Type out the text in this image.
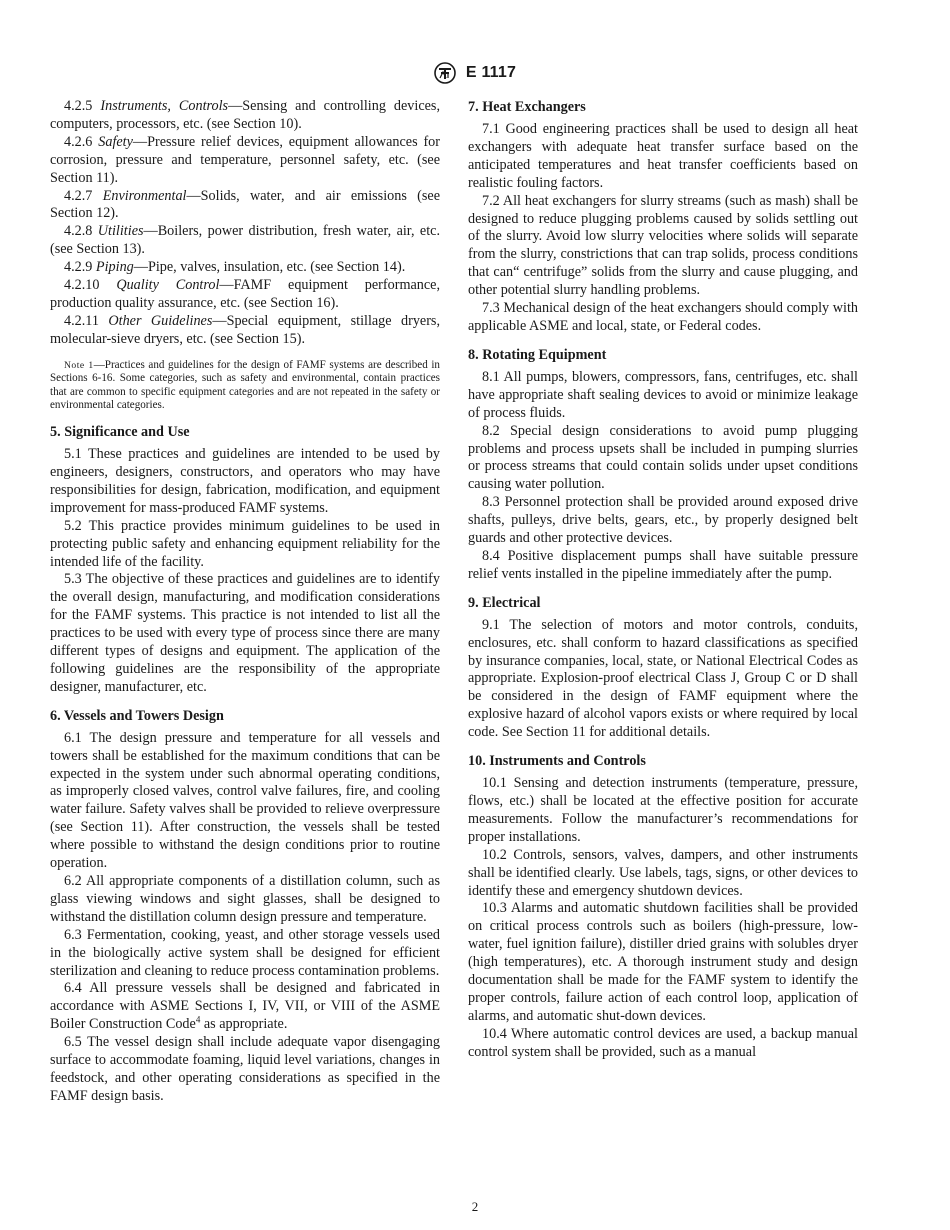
E 1117

4.2.5 Instruments, Controls—Sensing and controlling devices, computers, processors, etc. (see Section 10).

4.2.6 Safety—Pressure relief devices, equipment allowances for corrosion, pressure and temperature, personnel safety, etc. (see Section 11).

4.2.7 Environmental—Solids, water, and air emissions (see Section 12).

4.2.8 Utilities—Boilers, power distribution, fresh water, air, etc. (see Section 13).

4.2.9 Piping—Pipe, valves, insulation, etc. (see Section 14).

4.2.10 Quality Control—FAMF equipment performance, production quality assurance, etc. (see Section 16).

4.2.11 Other Guidelines—Special equipment, stillage dryers, molecular-sieve dryers, etc. (see Section 15).

Note 1—Practices and guidelines for the design of FAMF systems are described in Sections 6-16. Some categories, such as safety and environmental, contain practices that are common to specific equipment categories and are not repeated in the safety or environmental categories.

5. Significance and Use

5.1 These practices and guidelines are intended to be used by engineers, designers, constructors, and operators who may have responsibilities for design, fabrication, modification, and equipment improvement for mass-produced FAMF systems.

5.2 This practice provides minimum guidelines to be used in protecting public safety and enhancing equipment reliability for the intended life of the facility.

5.3 The objective of these practices and guidelines are to identify the overall design, manufacturing, and modification considerations for the FAMF systems. This practice is not intended to list all the practices to be used with every type of process since there are many different types of designs and equipment. The application of the following guidelines are the responsibility of the appropriate designer, manufacturer, etc.

6. Vessels and Towers Design

6.1 The design pressure and temperature for all vessels and towers shall be established for the maximum conditions that can be expected in the system under such abnormal operating conditions, as improperly closed valves, control valve failures, fire, and cooling water failure. Safety valves shall be provided to relieve overpressure (see Section 11). After construction, the vessels shall be tested where possible to withstand the design conditions prior to routine operation.

6.2 All appropriate components of a distillation column, such as glass viewing windows and sight glasses, shall be designed to withstand the distillation column design pressure and temperature.

6.3 Fermentation, cooking, yeast, and other storage vessels used in the biologically active system shall be designed for efficient sterilization and cleaning to reduce process contamination problems.

6.4 All pressure vessels shall be designed and fabricated in accordance with ASME Sections I, IV, VII, or VIII of the ASME Boiler Construction Code$^4$ as appropriate.

6.5 The vessel design shall include adequate vapor disengaging surface to accommodate foaming, liquid level variations, changes in feedstock, and other operating considerations as specified in the FAMF design basis.

7. Heat Exchangers

7.1 Good engineering practices shall be used to design all heat exchangers with adequate heat transfer surface based on the anticipated temperatures and heat transfer coefficients based on realistic fouling factors.

7.2 All heat exchangers for slurry streams (such as mash) shall be designed to reduce plugging problems caused by solids settling out of the slurry. Avoid low slurry velocities where solids will separate from the slurry, constrictions that can trap solids, process conditions that can“ centrifuge” solids from the slurry and cause plugging, and other potential slurry handling problems.

7.3 Mechanical design of the heat exchangers should comply with applicable ASME and local, state, or Federal codes.

8. Rotating Equipment

8.1 All pumps, blowers, compressors, fans, centrifuges, etc. shall have appropriate shaft sealing devices to avoid or minimize leakage of process fluids.

8.2 Special design considerations to avoid pump plugging problems and process upsets shall be included in pumping slurries or process streams that could contain solids under upset conditions causing water pollution.

8.3 Personnel protection shall be provided around exposed drive shafts, pulleys, drive belts, gears, etc., by properly designed belt guards and other protective devices.

8.4 Positive displacement pumps shall have suitable pressure relief vents installed in the pipeline immediately after the pump.

9. Electrical

9.1 The selection of motors and motor controls, conduits, enclosures, etc. shall conform to hazard classifications as specified by insurance companies, local, state, or National Electrical Codes as appropriate. Explosion-proof electrical Class J, Group C or D shall be considered in the design of FAMF equipment where the explosive hazard of alcohol vapors exists or where required by local code. See Section 11 for additional details.

10. Instruments and Controls

10.1 Sensing and detection instruments (temperature, pressure, flows, etc.) shall be located at the effective position for accurate measurements. Follow the manufacturer’s recommendations for proper installations.

10.2 Controls, sensors, valves, dampers, and other instruments shall be identified clearly. Use labels, tags, signs, or other devices to identify these and emergency shutdown devices.

10.3 Alarms and automatic shutdown facilities shall be provided on critical process controls such as boilers (high-pressure, low-water, fuel ignition failure), distiller dried grains with solubles dryer (high temperatures), etc. A thorough instrument study and design documentation shall be made for the FAMF system to identify the proper controls, failure action of each control loop, application of alarms, and automatic shut-down devices.

10.4 Where automatic control devices are used, a backup manual control system shall be provided, such as a manual

2
